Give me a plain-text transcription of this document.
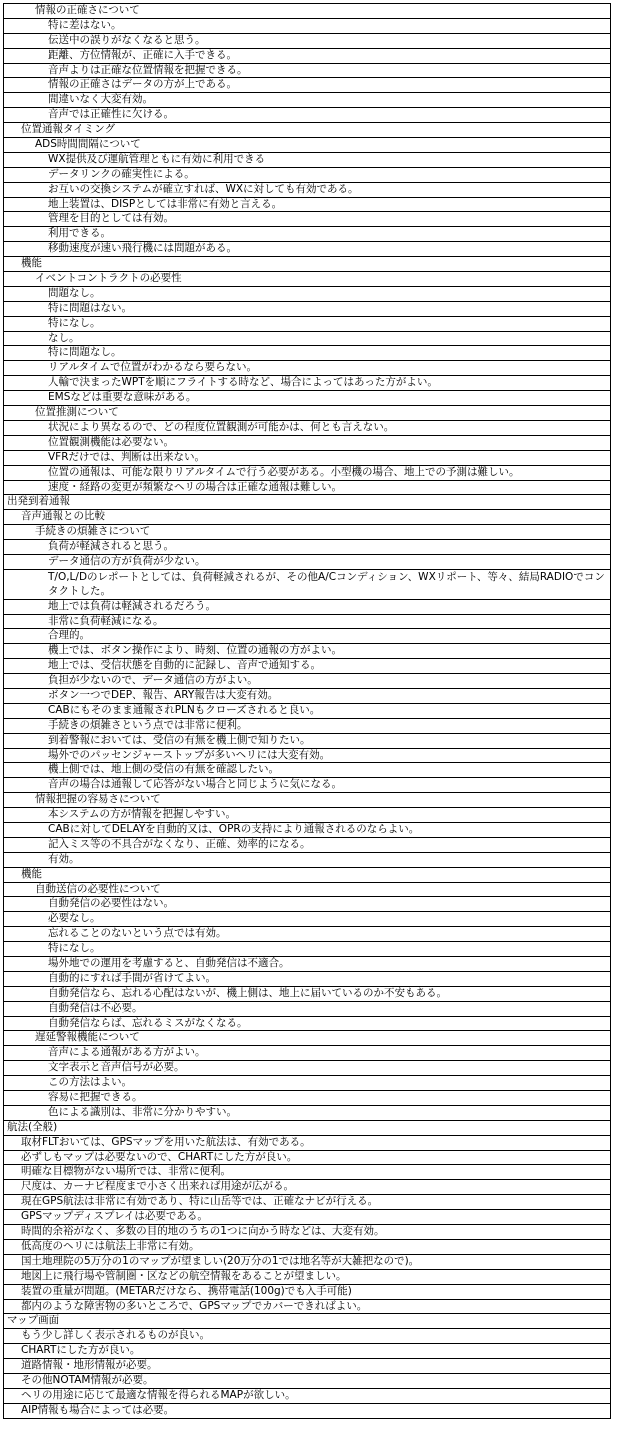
情報の正確さについて
特に差はない。
伝送中の誤りがなくなると思う。
距離、方位情報が、正確に入手できる。
音声よりは正確な位置情報を把握できる。
情報の正確さはデータの方が上である。
間違いなく大変有効。
音声では正確性に欠ける。
位置通報タイミング
ADS時間間隔について
WX提供及び運航管理ともに有効に利用できる
データリンクの確実性による。
お互いの交換システムが確立すれば、WXに対しても有効である。
地上装置は、DISPとしては非常に有効と言える。
管理を目的としては有効。
利用できる。
移動速度が速い飛行機には問題がある。
機能
イベントコントラクトの必要性
問題なし。
特に問題はない。
特になし。
なし。
特に問題なし。
リアルタイムで位置がわかるなら要らない。
人輸で決まったWPTを順にフライトする時など、場合によってはあった方がよい。
EMSなどは重要な意味がある。
位置推測について
状況により異なるので、どの程度位置観測が可能かは、何とも言えない。
位置観測機能は必要ない。
VFRだけでは、判断は出来ない。
位置の通報は、可能な限りリアルタイムで行う必要がある。小型機の場合、地上での予測は難しい。
速度・経路の変更が頻繁なヘリの場合は正確な通報は難しい。
出発到着通報
音声通報との比較
手続きの煩雑さについて
負荷が軽減されると思う。
データ通信の方が負荷が少ない。
T/O,L/Dのレポートとしては、負荷軽減されるが、その他A/Cコンディション、WXリポート、等々、結局RADIOでコンタクトした。
地上では負荷は軽減されるだろう。
非常に負荷軽減になる。
合理的。
機上では、ボタン操作により、時刻、位置の通報の方がよい。
地上では、受信状態を自動的に記録し、音声で通知する。
負担が少ないので、データ通信の方がよい。
ボタン一つでDEP、報告、ARY報告は大変有効。
CABにもそのまま通報されPLNもクローズされると良い。
手続きの煩雑さという点では非常に便利。
到着警報においては、受信の有無を機上側で知りたい。
場外でのパッセンジャーストップが多いヘリには大変有効。
機上側では、地上側の受信の有無を確認したい。
音声の場合は通報して応答がない場合と同じように気になる。
情報把握の容易さについて
本システムの方が情報を把握しやすい。
CABに対してDELAYを自動的又は、OPRの支持により通報されるのならよい。
記入ミス等の不具合がなくなり、正確、効率的になる。
有効。
機能
自動送信の必要性について
自動発信の必要性はない。
必要なし。
忘れることのないという点では有効。
特になし。
場外地での運用を考慮すると、自動発信は不適合。
自動的にすれば手間が省けてよい。
自動発信なら、忘れる心配はないが、機上側は、地上に届いているのか不安もある。
自動発信は不必要。
自動発信ならば、忘れるミスがなくなる。
遅延警報機能について
音声による通報がある方がよい。
文字表示と音声信号が必要。
この方法はよい。
容易に把握できる。
色による識別は、非常に分かりやすい。
航法(全般)
取材FLTおいては、GPSマップを用いた航法は、有効である。
必ずしもマップは必要ないので、CHARTにした方が良い。
明確な目標物がない場所では、非常に便利。
尺度は、カーナビ程度まで小さく出来れば用途が広がる。
現在GPS航法は非常に有効であり、特に山岳等では、正確なナビが行える。
GPSマップディスプレイは必要である。
時間的余裕がなく、多数の目的地のうちの1つに向かう時などは、大変有効。
低高度のヘリには航法上非常に有効。
国土地理院の5万分の1のマップが望ましい(20万分の1では地名等が大雑把なので)。
地図上に飛行場や管制圏・区などの航空情報をあることが望ましい。
装置の重量が問題。(METARだけなら、携帯電話(100g)でも入手可能)
都内のような障害物の多いところで、GPSマップでカバーできればよい。
マップ画面
もう少し詳しく表示されるものが良い。
CHARTにした方が良い。
道路情報・地形情報が必要。
その他NOTAM情報が必要。
ヘリの用途に応じて最適な情報を得られるMAPが欲しい。
AIP情報も場合によっては必要。
